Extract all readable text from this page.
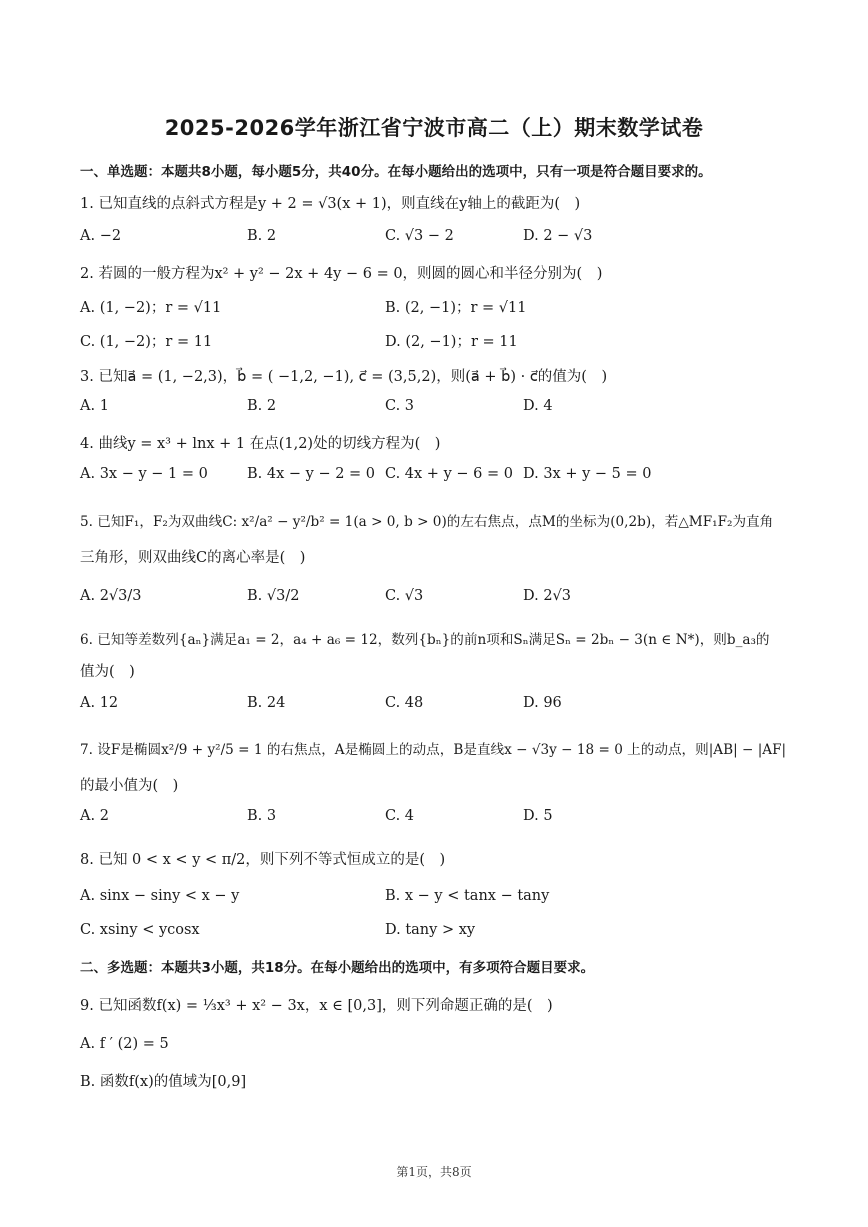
2025-2026学年浙江省宁波市高二（上）期末数学试卷
一、单选题：本题共8小题，每小题5分，共40分。在每小题给出的选项中，只有一项是符合题目要求的。
1. 已知直线的点斜式方程是y + 2 = √3(x + 1)，则直线在y轴上的截距为(　)
A. −2	B. 2	C. √3 − 2	D. 2 − √3
2. 若圆的一般方程为x² + y² − 2x + 4y − 6 = 0，则圆的圆心和半径分别为(　)
A. (1, −2)；r = √11	B. (2, −1)；r = √11
C. (1, −2)；r = 11	D. (2, −1)；r = 11
3. 已知a⃗ = (1, −2,3)，b⃗ = ( −1,2, −1), c⃗ = (3,5,2)，则(a⃗ + b⃗) · c⃗的值为(　)
A. 1	B. 2	C. 3	D. 4
4. 曲线y = x³ + lnx + 1 在点(1,2)处的切线方程为(　)
A. 3x − y − 1 = 0	B. 4x − y − 2 = 0 C. 4x + y − 6 = 0 D. 3x + y − 5 = 0
5. 已知F₁，F₂为双曲线C: x²/a² − y²/b² = 1(a > 0, b > 0)的左右焦点，点M的坐标为(0,2b)，若△MF₁F₂为直角
三角形，则双曲线C的离心率是(　)
A. 2√3/3	B. √3/2	C. √3	D. 2√3
6. 已知等差数列{aₙ}满足a₁ = 2，a₄ + a₆ = 12，数列{bₙ}的前n项和Sₙ满足Sₙ = 2bₙ − 3(n ∈ N*)，则b_a₃的
值为(　)
A. 12	B. 24	C. 48	D. 96
7. 设F是椭圆x²/9 + y²/5 = 1 的右焦点，A是椭圆上的动点，B是直线x − √3y − 18 = 0 上的动点，则|AB| − |AF|
的最小值为(　)
A. 2	B. 3	C. 4	D. 5
8. 已知 0 < x < y < π/2，则下列不等式恒成立的是(　)
A. sinx − siny < x − y	B. x − y < tanx − tany
C. xsiny < ycosx	D. tany > xy
二、多选题：本题共3小题，共18分。在每小题给出的选项中，有多项符合题目要求。
9. 已知函数f(x) = ⅓x³ + x² − 3x，x ∈ [0,3]，则下列命题正确的是(　)
A. f ′ (2) = 5
B. 函数f(x)的值域为[0,9]
第1页，共8页
